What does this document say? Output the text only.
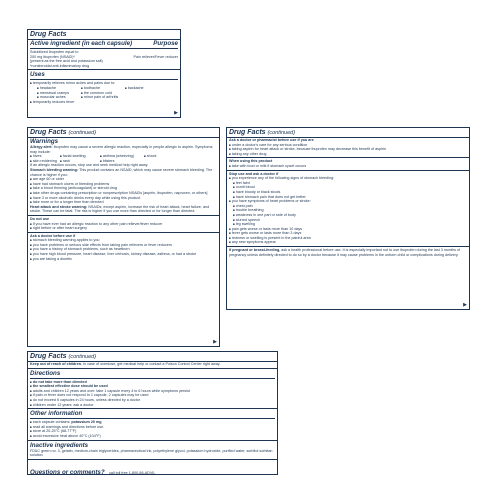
Drug Facts
Active ingredient (in each capsule)	Purpose
Solubilized ibuprofen equal to
200 mg ibuprofen (NSAID)*	Pain reliever/Fever reducer
(present as the free acid and potassium salt)
*nonsteroidal anti-inflammatory drug
Uses
■ temporarily relieves minor aches and pains due to:
■ headache	■ toothache	■ backache
■ menstrual cramps	■ the common cold
■ muscular aches	■ minor pain of arthritis
■ temporarily reduces fever
▶
Drug Facts (continued)
Warnings
Allergy alert: Ibuprofen may cause a severe allergic reaction, especially in people allergic to aspirin. Symptoms may include:
■ hives	■ facial swelling	■ asthma (wheezing)	■ shock
■ skin reddening ■ rash	■ blisters
If an allergic reaction occurs, stop use and seek medical help right away.
Stomach bleeding warning: This product contains an NSAID, which may cause severe stomach bleeding. The chance is higher if you:
■ are age 60 or older
■ have had stomach ulcers or bleeding problems
■ take a blood thinning (anticoagulant) or steroid drug
■ take other drugs containing prescription or nonprescription NSAIDs [aspirin, ibuprofen, naproxen, or others]
■ have 3 or more alcoholic drinks every day while using this product
■ take more or for a longer time than directed
Heart attack and stroke warning: NSAIDs, except aspirin, increase the risk of heart attack, heart failure, and stroke. These can be fatal. The risk is higher if you use more than directed or for longer than directed.
Do not use
■ if you have ever had an allergic reaction to any other pain reliever/fever reducer
■ right before or after heart surgery
Ask a doctor before use if
■ stomach bleeding warning applies to you
■ you have problems or serious side effects from taking pain relievers or fever reducers
■ you have a history of stomach problems, such as heartburn
■ you have high blood pressure, heart disease, liver cirrhosis, kidney disease, asthma, or had a stroke
■ you are taking a diuretic
▶
Drug Facts (continued)
Ask a doctor or pharmacist before use if you are
■ under a doctor's care for any serious condition
■ taking aspirin for heart attack or stroke, because ibuprofen may decrease this benefit of aspirin
■ taking any other drug
When using this product
■ take with food or milk if stomach upset occurs
Stop use and ask a doctor if
■ you experience any of the following signs of stomach bleeding:
■ feel faint
■ vomit blood
■ have bloody or black stools
■ have stomach pain that does not get better
■ you have symptoms of heart problems or stroke:
■ chest pain
■ trouble breathing
■ weakness in one part or side of body
■ slurred speech
■ leg swelling
■ pain gets worse or lasts more than 10 days
■ fever gets worse or lasts more than 3 days
■ redness or swelling is present in the painful area
■ any new symptoms appear
If pregnant or breast-feeding, ask a health professional before use. It is especially important not to use ibuprofen during the last 3 months of pregnancy unless definitely directed to do so by a doctor because it may cause problems in the unborn child or complications during delivery.
▶
Drug Facts (continued)
Keep out of reach of children. In case of overdose, get medical help or contact a Poison Control Center right away.
Directions
■ do not take more than directed
■ the smallest effective dose should be used
■ adults and children 12 years and over: take 1 capsule every 4 to 6 hours while symptoms persist
■ if pain or fever does not respond to 1 capsule, 2 capsules may be used
■ do not exceed 6 capsules in 24 hours, unless directed by a doctor
■ children under 12 years: ask a doctor
Other information
■ each capsule contains: potassium 20 mg
■ read all warnings and directions before use.
■ store at 20-25°C (68-77°F)
■ avoid excessive heat above 40°C (104°F)
Inactive ingredients
FD&C green no. 3, gelatin, medium-chain triglycerides, pharmaceutical ink, polyethylene glycol, potassium hydroxide, purified water, sorbitol sorbitan solution
Questions or comments? call toll free 1-800-86-ADVIL
